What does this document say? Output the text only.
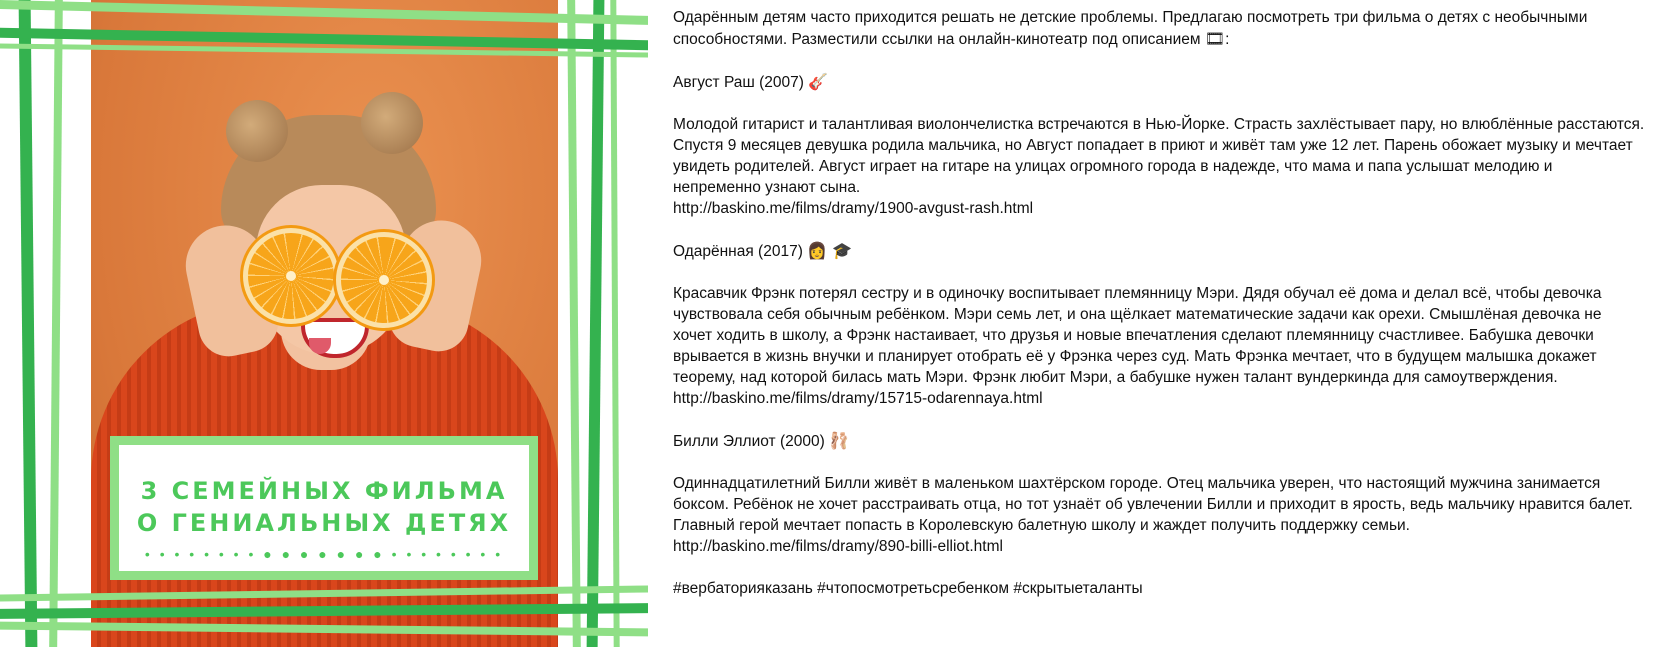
3 СЕМЕЙНЫХ ФИЛЬМА
О ГЕНИАЛЬНЫХ ДЕТЯХ
• • • • • • • • ● ● ● ● ● ● ● • • • • • • • •

Одарённым детям часто приходится решать не детские проблемы. Предлагаю посмотреть три фильма о детях с необычными
способностями. Разместили ссылки на онлайн-кинотеатр под описанием 🎞:

Август Раш (2007) 🎸

Молодой гитарист и талантливая виолончелистка встречаются в Нью-Йорке. Страсть захлёстывает пару, но влюблённые расстаются.
Спустя 9 месяцев девушка родила мальчика, но Август попадает в приют и живёт там уже 12 лет. Парень обожает музыку и мечтает
увидеть родителей. Август играет на гитаре на улицах огромного города в надежде, что мама и папа услышат мелодию и
непременно узнают сына.
http://baskino.me/films/dramy/1900-avgust-rash.html

Одарённая (2017) 👩 🎓

Красавчик Фрэнк потерял сестру и в одиночку воспитывает племянницу Мэри. Дядя обучал её дома и делал всё, чтобы девочка
чувствовала себя обычным ребёнком. Мэри семь лет, и она щёлкает математические задачи как орехи. Смышлёная девочка не
хочет ходить в школу, а Фрэнк настаивает, что друзья и новые впечатления сделают племянницу счастливее. Бабушка девочки
врывается в жизнь внучки и планирует отобрать её у Фрэнка через суд. Мать Фрэнка мечтает, что в будущем малышка докажет
теорему, над которой билась мать Мэри. Фрэнк любит Мэри, а бабушке нужен талант вундеркинда для самоутверждения.
http://baskino.me/films/dramy/15715-odarennaya.html

Билли Эллиот (2000) 🩰

Одиннадцатилетний Билли живёт в маленьком шахтёрском городе. Отец мальчика уверен, что настоящий мужчина занимается
боксом. Ребёнок не хочет расстраивать отца, но тот узнаёт об увлечении Билли и приходит в ярость, ведь мальчику нравится балет.
Главный герой мечтает попасть в Королевскую балетную школу и жаждет получить поддержку семьи.
http://baskino.me/films/dramy/890-billi-elliot.html

#вербаторияказань #чтопосмотретьсребенком #скрытыеталанты
